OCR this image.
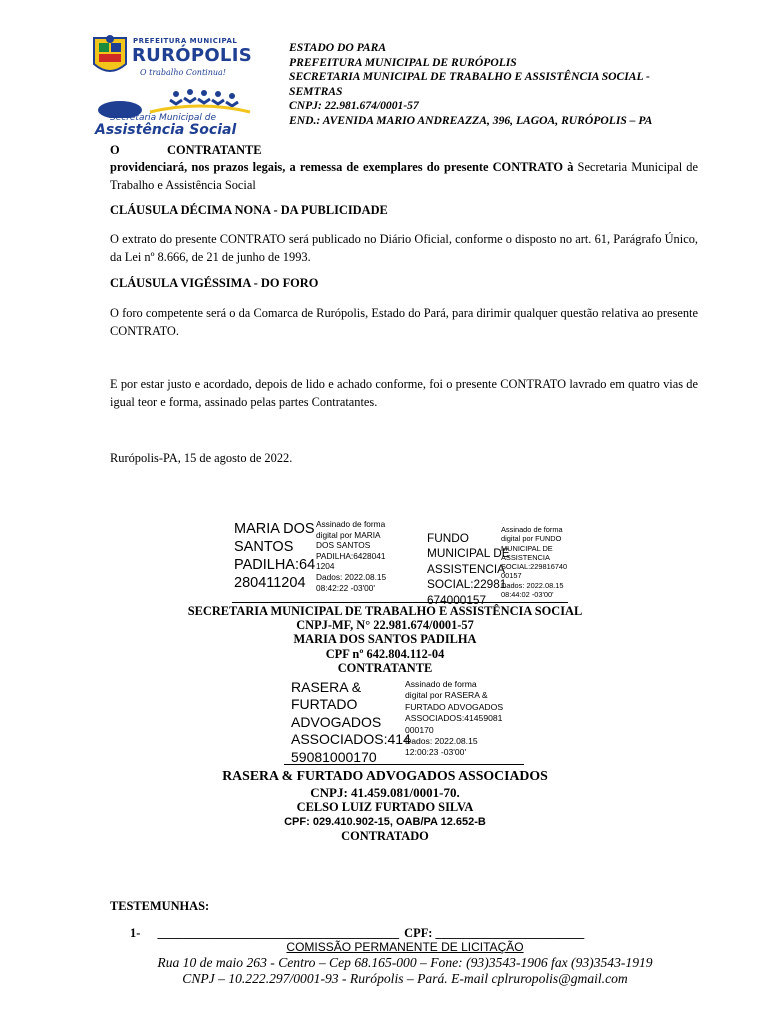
PREFEITURA MUNICIPAL
RURÓPOLIS
O trabalho Continua!
Secretaria Municipal de
Assistência Social
ESTADO DO PARA
PREFEITURA MUNICIPAL DE RURÓPOLIS
SECRETARIA MUNICIPAL DE TRABALHO E ASSISTÊNCIA SOCIAL -
SEMTRAS
CNPJ: 22.981.674/0001-57
END.: AVENIDA MARIO ANDREAZZA, 396, LAGOA, RURÓPOLIS – PA
O	CONTRATANTE
providenciará, nos prazos legais, a remessa de exemplares do presente CONTRATO à Secretaria Municipal de Trabalho e Assistência Social
CLÁUSULA DÉCIMA NONA - DA PUBLICIDADE
O extrato do presente CONTRATO será publicado no Diário Oficial, conforme o disposto no art. 61, Parágrafo Único, da Lei nº 8.666, de 21 de junho de 1993.
CLÁUSULA VIGÉSSIMA - DO FORO
O foro competente será o da Comarca de Rurópolis, Estado do Pará, para dirimir qualquer questão relativa ao presente CONTRATO.
E por estar justo e acordado, depois de lido e achado conforme, foi o presente CONTRATO lavrado em quatro vias de igual teor e forma, assinado pelas partes Contratantes.
Rurópolis-PA, 15 de agosto de 2022.
MARIA DOS
SANTOS
PADILHA:64
280411204
Assinado de forma
digital por MARIA
DOS SANTOS
PADILHA:6428041
1204
Dados: 2022.08.15
08:42:22 -03'00'
FUNDO
MUNICIPAL DE
ASSISTENCIA
SOCIAL:22981
674000157
Assinado de forma
digital por FUNDO
MUNICIPAL DE
ASSISTENCIA
SOCIAL:229816740
00157
Dados: 2022.08.15
08:44:02 -03'00'
SECRETARIA MUNICIPAL DE TRABALHO E ASSISTÊNCIA SOCIAL
CNPJ-MF, N° 22.981.674/0001-57
MARIA DOS SANTOS PADILHA
CPF nº 642.804.112-04
CONTRATANTE
RASERA &
FURTADO
ADVOGADOS
ASSOCIADOS:414
59081000170
Assinado de forma
digital por RASERA &
FURTADO ADVOGADOS
ASSOCIADOS:41459081
000170
Dados: 2022.08.15
12:00:23 -03'00'
RASERA & FURTADO ADVOGADOS ASSOCIADOS
CNPJ: 41.459.081/0001-70.
CELSO LUIZ FURTADO SILVA
CPF: 029.410.902-15, OAB/PA 12.652-B
CONTRATADO
TESTEMUNHAS:
1- _______________________________________ CPF: ________________________
COMISSÃO PERMANENTE DE LICITAÇÃO
Rua 10 de maio 263 - Centro – Cep 68.165-000 – Fone: (93)3543-1906 fax (93)3543-1919
CNPJ – 10.222.297/0001-93 - Rurópolis – Pará. E-mail cplruropolis@gmail.com
